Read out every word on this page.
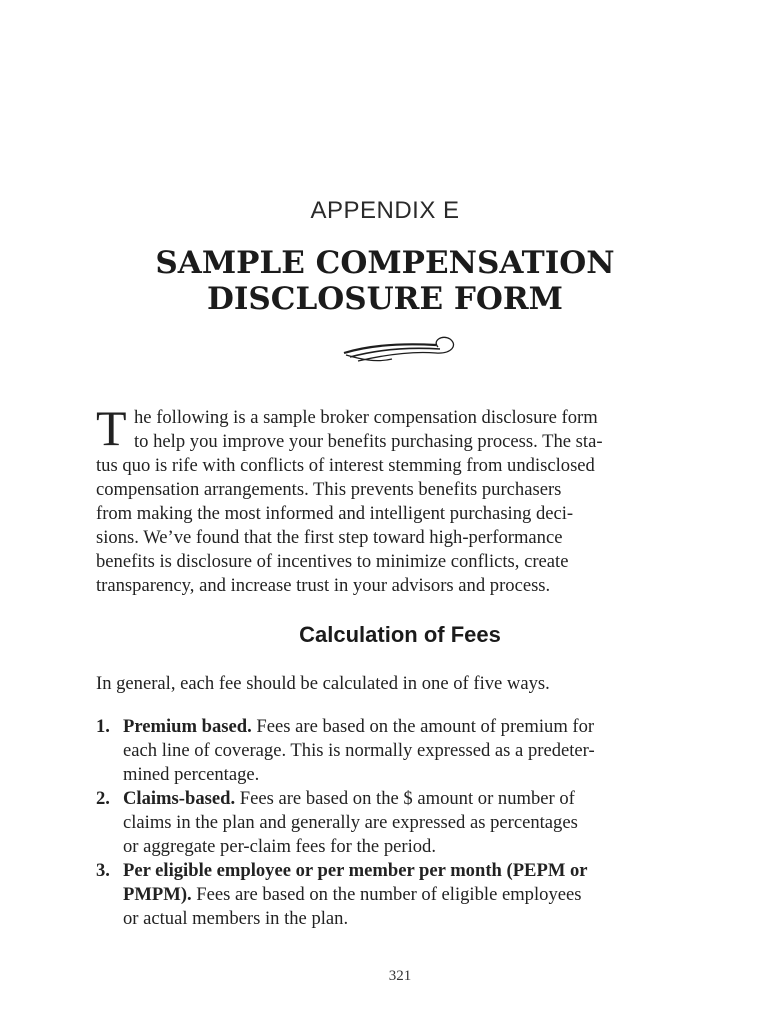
APPENDIX E
SAMPLE COMPENSATION
DISCLOSURE FORM
T he following is a sample broker compensation disclosure form
to help you improve your benefits purchasing process. The sta-
tus quo is rife with conflicts of interest stemming from undisclosed
compensation arrangements. This prevents benefits purchasers
from making the most informed and intelligent purchasing deci-
sions. We’ve found that the first step toward high-performance
benefits is disclosure of incentives to minimize conflicts, create
transparency, and increase trust in your advisors and process.
Calculation of Fees
In general, each fee should be calculated in one of five ways.
1. Premium based. Fees are based on the amount of premium for
each line of coverage. This is normally expressed as a predeter-
mined percentage.
2. Claims-based. Fees are based on the $ amount or number of
claims in the plan and generally are expressed as percentages
or aggregate per-claim fees for the period.
3. Per eligible employee or per member per month (PEPM or
PMPM). Fees are based on the number of eligible employees
or actual members in the plan.
321
